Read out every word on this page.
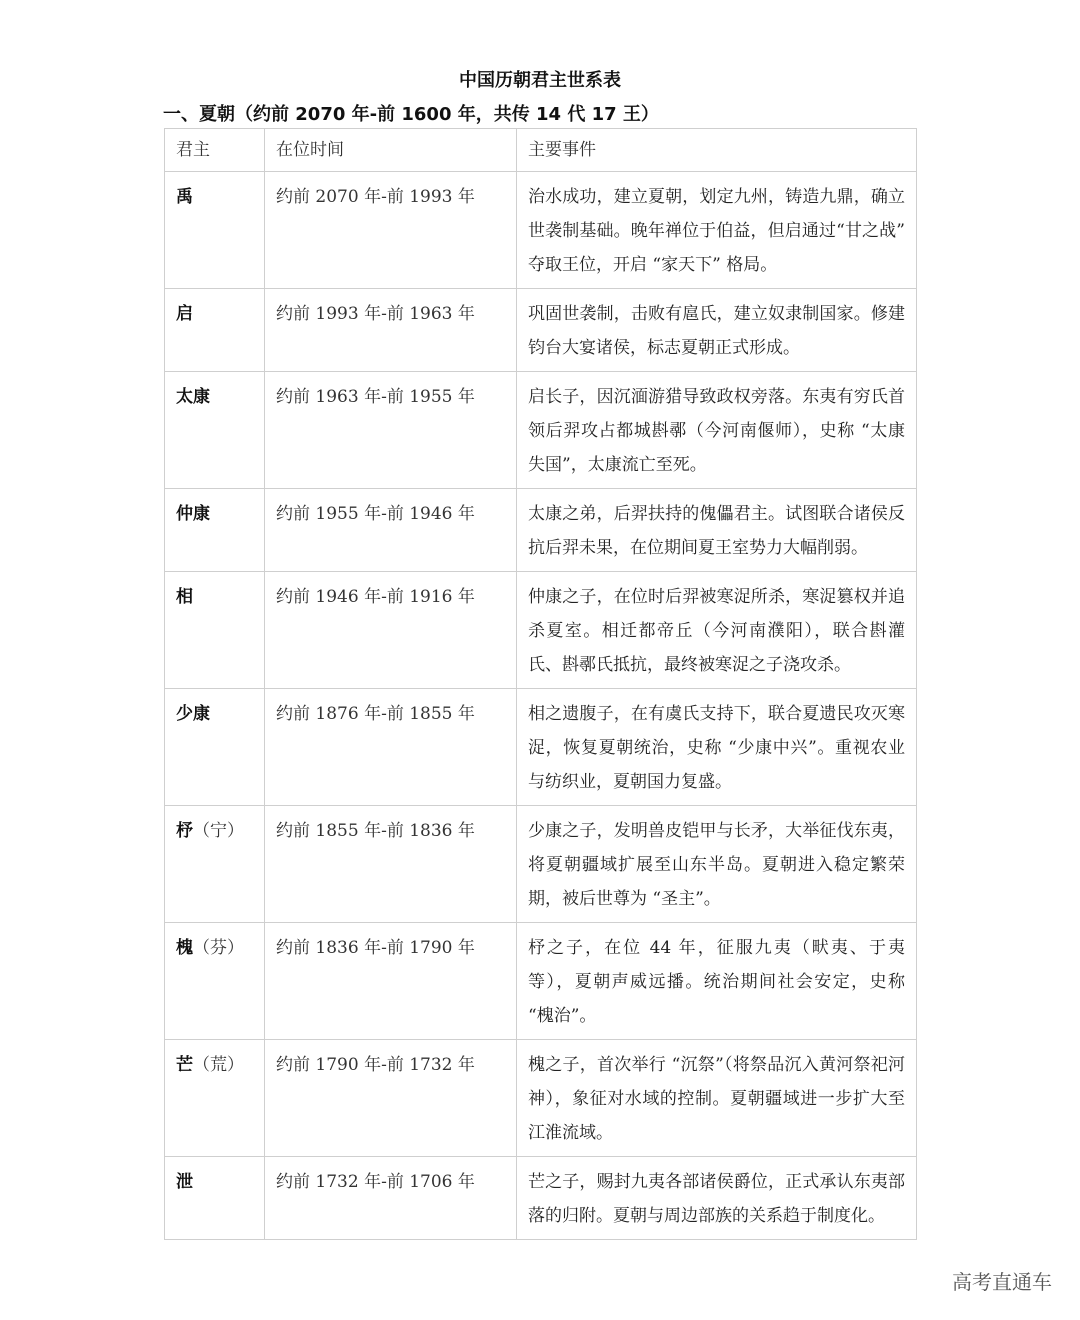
中国历朝君主世系表
一、夏朝（约前 2070 年-前 1600 年，共传 14 代 17 王）
君主	在位时间	主要事件
禹	约前 2070 年-前 1993 年	治水成功，建立夏朝，划定九州，铸造九鼎，确立世袭制基础。晚年禅位于伯益，但启通过“甘之战” 夺取王位，开启 “家天下” 格局。

启	约前 1993 年-前 1963 年	巩固世袭制，击败有扈氏，建立奴隶制国家。修建钧台大宴诸侯，标志夏朝正式形成。

太康	约前 1963 年-前 1955 年	启长子，因沉湎游猎导致政权旁落。东夷有穷氏首领后羿攻占都城斟鄩（今河南偃师），史称 “太康失国”，太康流亡至死。

仲康	约前 1955 年-前 1946 年	太康之弟，后羿扶持的傀儡君主。试图联合诸侯反抗后羿未果，在位期间夏王室势力大幅削弱。

相	约前 1946 年-前 1916 年	仲康之子，在位时后羿被寒浞所杀，寒浞篡权并追杀夏室。相迁都帝丘（今河南濮阳），联合斟灌氏、斟鄩氏抵抗，最终被寒浞之子浇攻杀。

少康	约前 1876 年-前 1855 年	相之遗腹子，在有虞氏支持下，联合夏遗民攻灭寒浞，恢复夏朝统治，史称 “少康中兴”。重视农业与纺织业，夏朝国力复盛。

杼（宁）	约前 1855 年-前 1836 年	少康之子，发明兽皮铠甲与长矛，大举征伐东夷，将夏朝疆域扩展至山东半岛。夏朝进入稳定繁荣期，被后世尊为 “圣主”。

槐（芬）	约前 1836 年-前 1790 年	杼之子，在位 44 年，征服九夷（畎夷、于夷等），夏朝声威远播。统治期间社会安定，史称 “槐治”。

芒（荒）	约前 1790 年-前 1732 年	槐之子，首次举行 “沉祭”（将祭品沉入黄河祭祀河神），象征对水域的控制。夏朝疆域进一步扩大至江淮流域。

泄	约前 1732 年-前 1706 年	芒之子，赐封九夷各部诸侯爵位，正式承认东夷部落的归附。夏朝与周边部族的关系趋于制度化。
高考直通车
